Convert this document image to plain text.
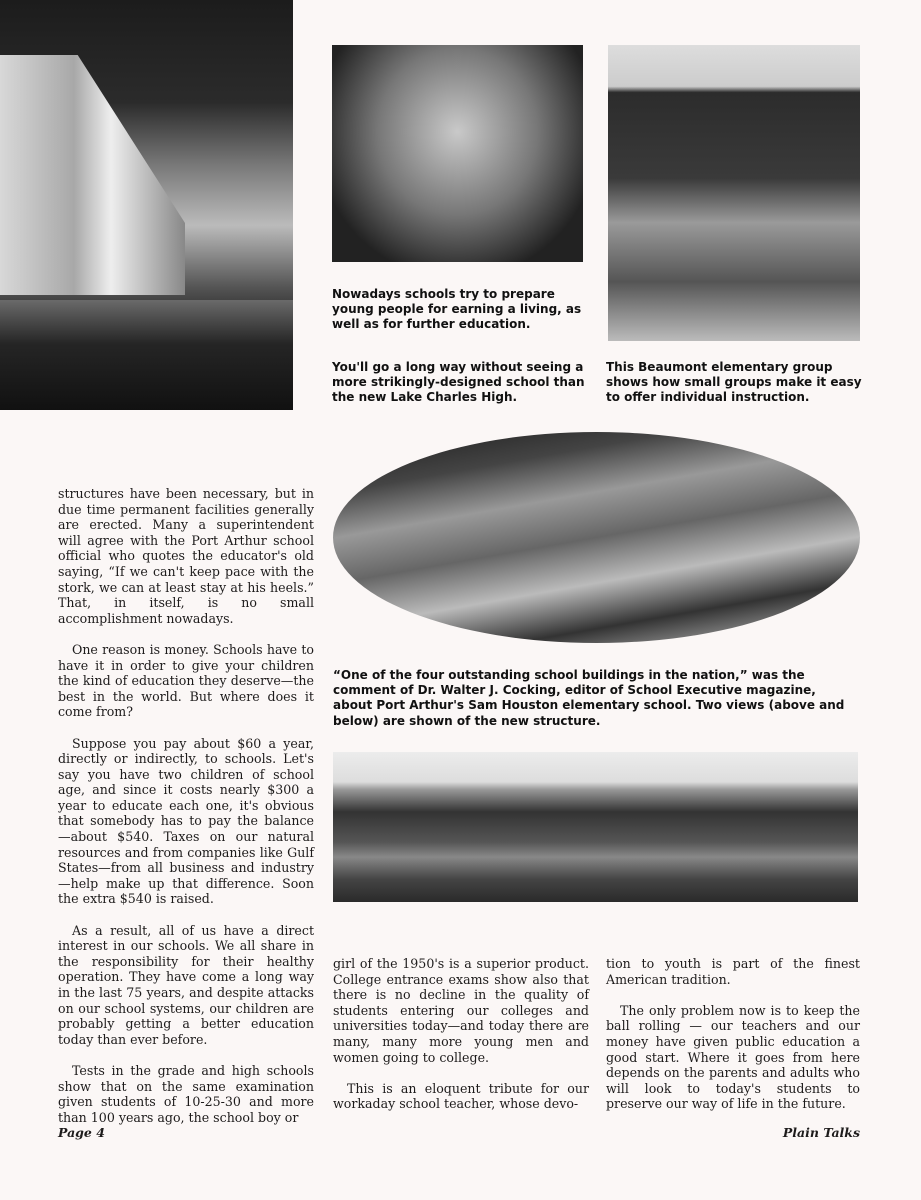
Nowadays schools try to prepare young people for earning a living, as well as for further education.
You'll go a long way without seeing a more strikingly-designed school than the new Lake Charles High.
This Beaumont elementary group shows how small groups make it easy to offer individual instruction.
“One of the four outstanding school buildings in the nation,” was the comment of Dr. Walter J. Cocking, editor of School Executive magazine, about Port Arthur's Sam Houston elementary school. Two views (above and below) are shown of the new structure.

structures have been necessary, but in due time permanent facilities generally are erected. Many a superintendent will agree with the Port Arthur school official who quotes the educator's old saying, “If we can't keep pace with the stork, we can at least stay at his heels.” That, in itself, is no small accomplishment nowadays.

One reason is money. Schools have to have it in order to give your children the kind of education they deserve—the best in the world. But where does it come from?

Suppose you pay about $60 a year, directly or indirectly, to schools. Let's say you have two children of school age, and since it costs nearly $300 a year to educate each one, it's obvious that somebody has to pay the balance —about $540. Taxes on our natural resources and from companies like Gulf States—from all business and industry—help make up that difference. Soon the extra $540 is raised.

As a result, all of us have a direct interest in our schools. We all share in the responsibility for their healthy operation. They have come a long way in the last 75 years, and despite attacks on our school systems, our children are probably getting a better education today than ever before.

Tests in the grade and high schools show that on the same examination given students of 10-25-30 and more than 100 years ago, the school boy or

girl of the 1950's is a superior product. College entrance exams show also that there is no decline in the quality of students entering our colleges and universities today—and today there are many, many more young men and women going to college.

This is an eloquent tribute for our workaday school teacher, whose devo-

tion to youth is part of the finest American tradition.

The only problem now is to keep the ball rolling — our teachers and our money have given public education a good start. Where it goes from here depends on the parents and adults who will look to today's students to preserve our way of life in the future.

Page 4	Plain Talks
